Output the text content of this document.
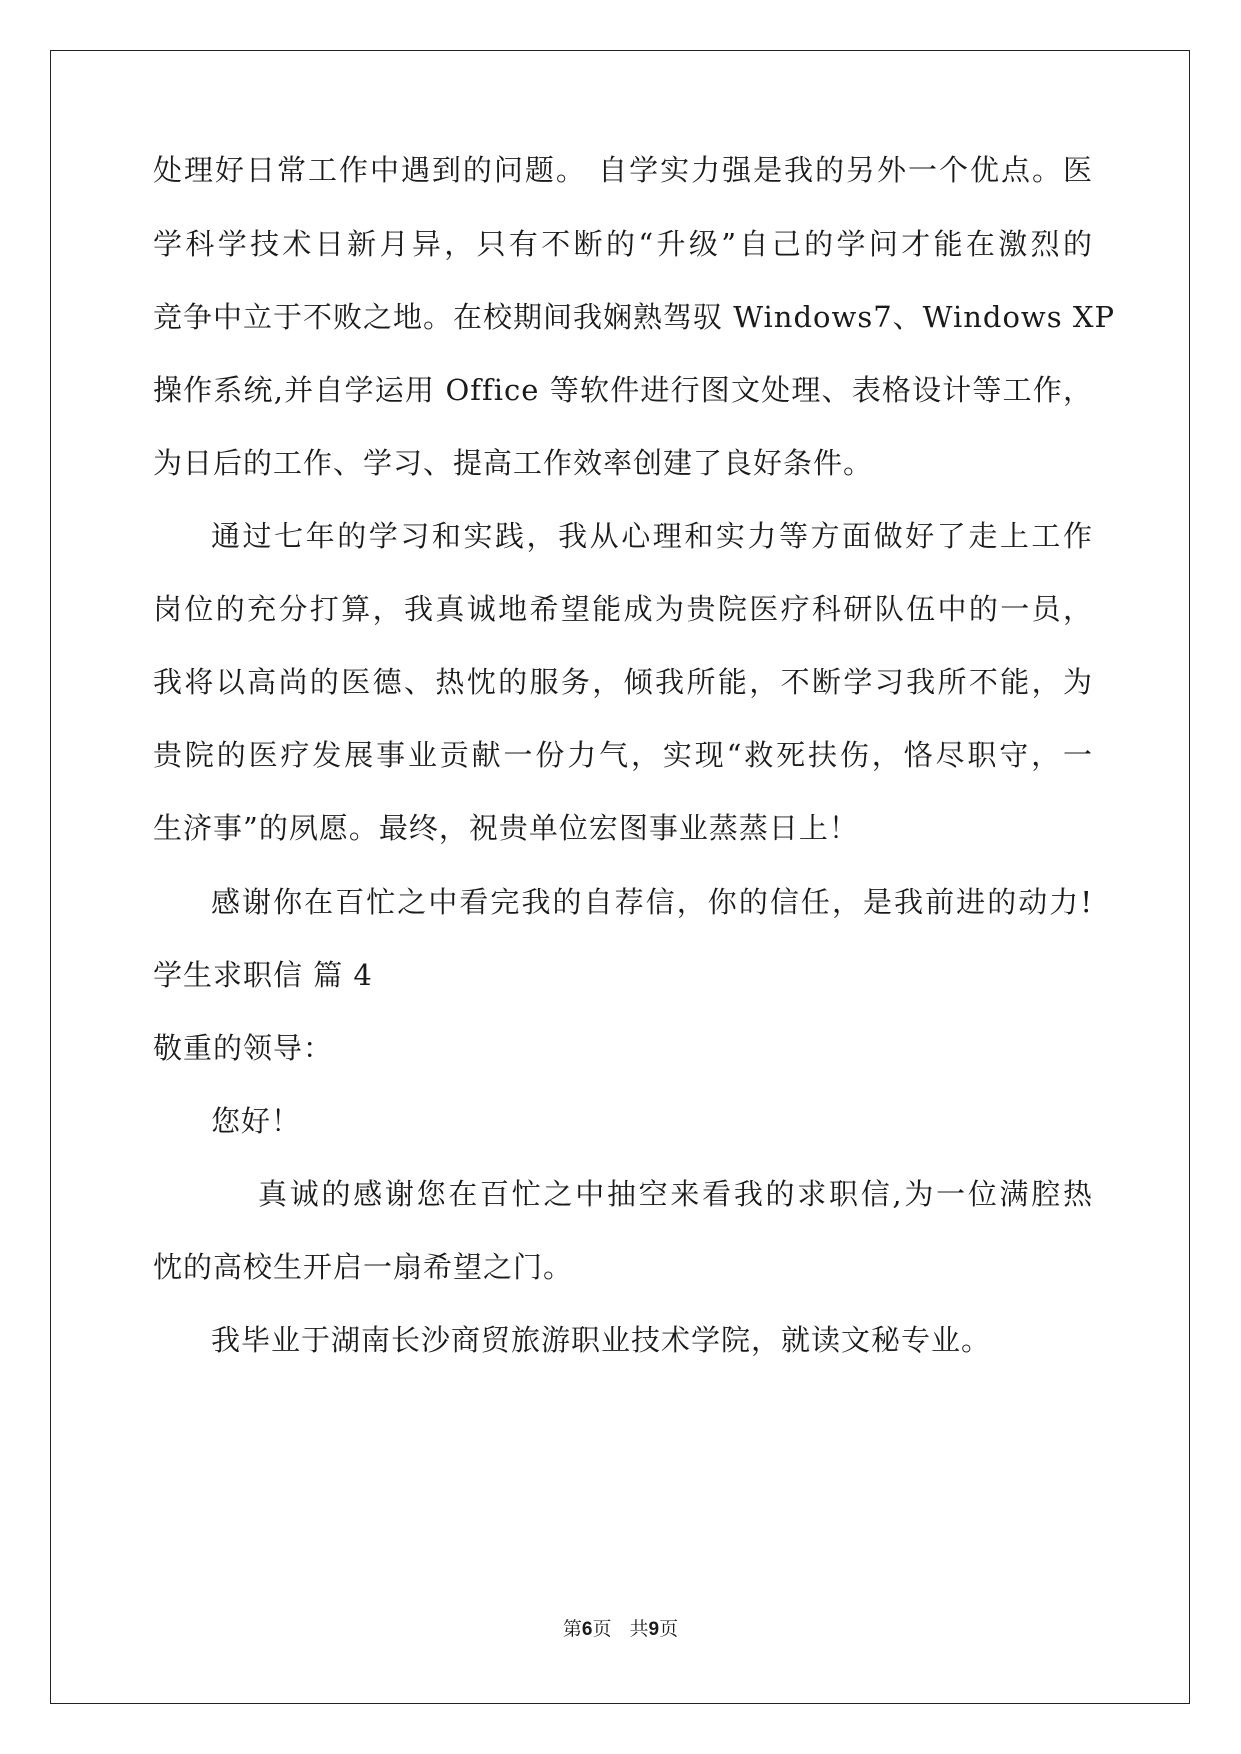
处理好日常工作中遇到的问题。 自学实力强是我的另外一个优点。医
学科学技术日新月异，只有不断的“升级”自己的学问才能在激烈的
竞争中立于不败之地。在校期间我娴熟驾驭 Windows7、Windows XP
操作系统,并自学运用 Office 等软件进行图文处理、表格设计等工作，
为日后的工作、学习、提高工作效率创建了良好条件。
通过七年的学习和实践，我从心理和实力等方面做好了走上工作
岗位的充分打算，我真诚地希望能成为贵院医疗科研队伍中的一员，
我将以高尚的医德、热忱的服务，倾我所能，不断学习我所不能，为
贵院的医疗发展事业贡献一份力气，实现“救死扶伤，恪尽职守，一
生济事”的夙愿。最终，祝贵单位宏图事业蒸蒸日上！
感谢你在百忙之中看完我的自荐信，你的信任，是我前进的动力!
学生求职信 篇 4
敬重的领导：
您好！
真诚的感谢您在百忙之中抽空来看我的求职信,为一位满腔热
忱的高校生开启一扇希望之门。
我毕业于湖南长沙商贸旅游职业技术学院，就读文秘专业。
第6页 共9页
